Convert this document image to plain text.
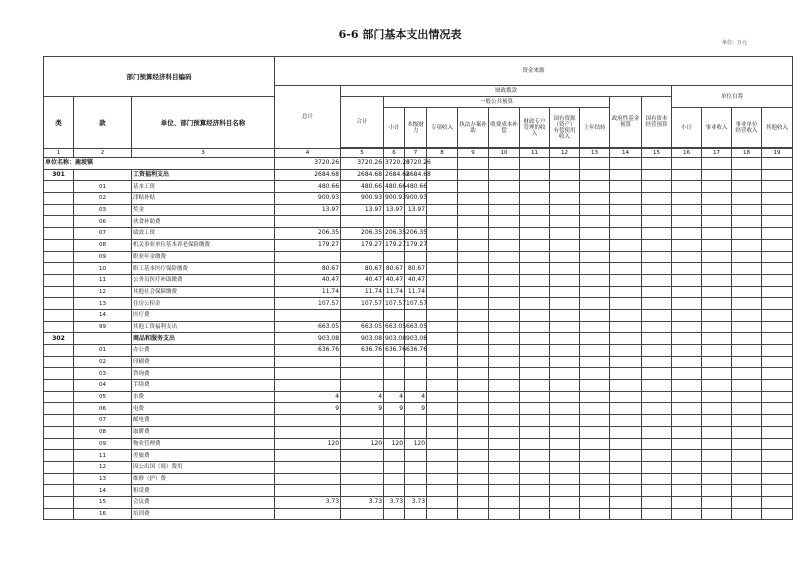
6-6 部门基本支出情况表
单位：万元
部门预算经济科目编码			资金来源															
			总计	财政拨款											单位自筹			
类	款	单位、部门预算经济科目名称		合计	一般公共预算								政府性基金预算	国有资本经营预算				
					小计	本级财力	专项收入	执法办案补助	收费成本补偿	财政专户管理的收入	国有资源（资产）有偿使用收入	上年结转			小计	事业收入	事业单位经营收入	其他收入

1	2	3	4	5	6	7	8	9	10	11	12	13	14	15	16	17	18	19
单位名称：鹿坡镇			3720.26	3720.26	3720.26	3720.26												
301		工资福利支出	2684.68	2684.68	2684.68	2684.68												
	01	基本工资	480.66	480.66	480.66	480.66												
	02	津贴补贴	900.93	900.93	900.93	900.93												
	03	奖金	13.97	13.97	13.97	13.97												
	06	伙食补助费																
	07	绩效工资	206.35	206.35	206.35	206.35												
	08	机关事业单位基本养老保险缴费	179.27	179.27	179.27	179.27												
	09	职业年金缴费																
	10	职工基本医疗保险缴费	80.67	80.67	80.67	80.67												
	11	公务员医疗补助缴费	40.47	40.47	40.47	40.47												
	12	其他社会保障缴费	11.74	11.74	11.74	11.74												
	13	住房公积金	107.57	107.57	107.57	107.57												
	14	医疗费																
	99	其他工资福利支出	663.05	663.05	663.05	663.05												
302		商品和服务支出	903.08	903.08	903.08	903.08												
	01	办公费	636.76	636.76	636.76	636.76												
	02	印刷费																
	03	咨询费																
	04	手续费																
	05	水费	4	4	4	4												
	06	电费	9	9	9	9												
	07	邮电费																
	08	取暖费																
	09	物业管理费	120	120	120	120												
	11	差旅费																
	12	因公出国（境）费用																
	13	维修（护）费																
	14	租赁费																
	15	会议费	3.73	3.73	3.73	3.73												
	16	培训费																
